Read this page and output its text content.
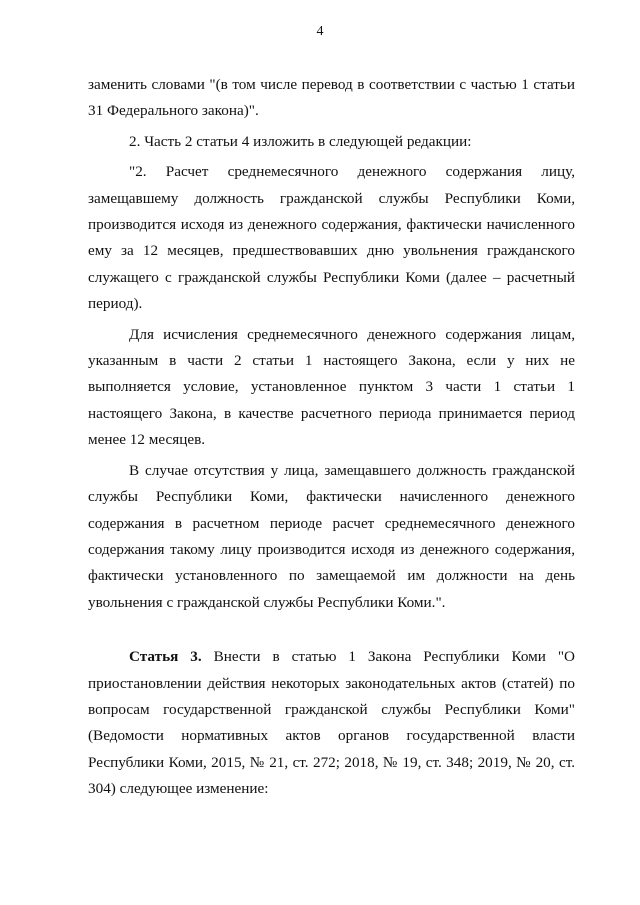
4

заменить словами "(в том числе перевод в соответствии с частью 1 статьи 31 Федерального закона)".

2. Часть 2 статьи 4 изложить в следующей редакции:

"2. Расчет среднемесячного денежного содержания лицу, замещавшему должность гражданской службы Республики Коми, производится исходя из денежного содержания, фактически начисленного ему за 12 месяцев, предшествовавших дню увольнения гражданского служащего с гражданской службы Республики Коми (далее – расчетный период).

Для исчисления среднемесячного денежного содержания лицам, указанным в части 2 статьи 1 настоящего Закона, если у них не выполняется условие, установленное пунктом 3 части 1 статьи 1 настоящего Закона, в качестве расчетного периода принимается период менее 12 месяцев.

В случае отсутствия у лица, замещавшего должность гражданской службы Республики Коми, фактически начисленного денежного содержания в расчетном периоде расчет среднемесячного денежного содержания такому лицу производится исходя из денежного содержания, фактически установленного по замещаемой им должности на день увольнения с гражданской службы Республики Коми.".

Статья 3. Внести в статью 1 Закона Республики Коми "О приостановлении действия некоторых законодательных актов (статей) по вопросам государственной гражданской службы Республики Коми" (Ведомости нормативных актов органов государственной власти Республики Коми, 2015, № 21, ст. 272; 2018, № 19, ст. 348; 2019, № 20, ст. 304) следующее изменение:
